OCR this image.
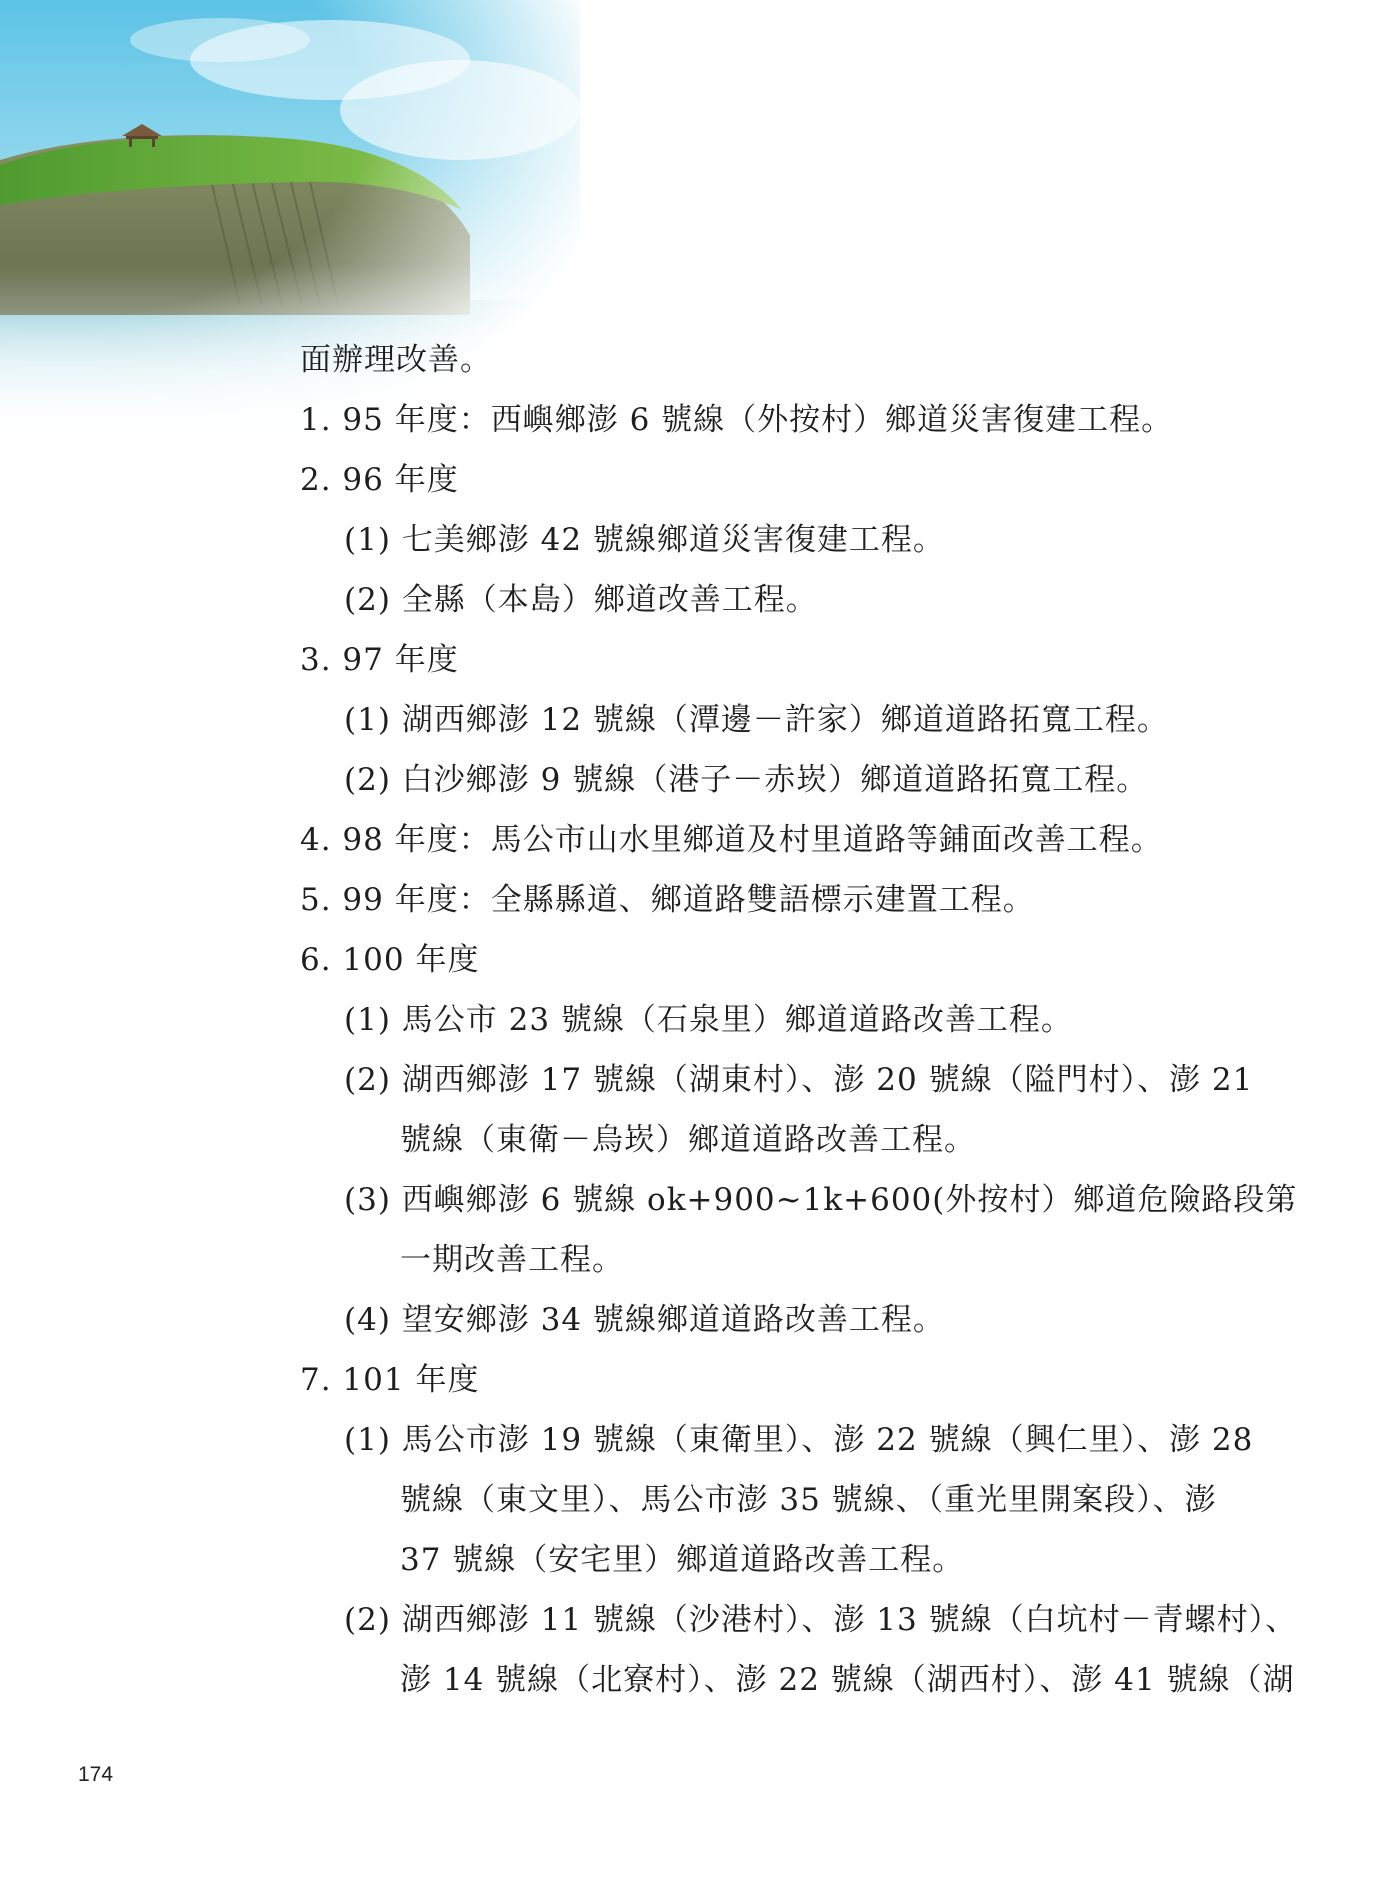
面辦理改善。
1. 95 年度：西嶼鄉澎 6 號線（外按村）鄉道災害復建工程。
2. 96 年度
(1) 七美鄉澎 42 號線鄉道災害復建工程。
(2) 全縣（本島）鄉道改善工程。
3. 97 年度
(1) 湖西鄉澎 12 號線（潭邊－許家）鄉道道路拓寬工程。
(2) 白沙鄉澎 9 號線（港子－赤崁）鄉道道路拓寬工程。
4. 98 年度：馬公市山水里鄉道及村里道路等鋪面改善工程。
5. 99 年度：全縣縣道、鄉道路雙語標示建置工程。
6. 100 年度
(1) 馬公市 23 號線（石泉里）鄉道道路改善工程。
(2) 湖西鄉澎 17 號線（湖東村）、澎 20 號線（隘門村）、澎 21
號線（東衛－烏崁）鄉道道路改善工程。
(3) 西嶼鄉澎 6 號線 ok+900~1k+600(外按村）鄉道危險路段第
一期改善工程。
(4) 望安鄉澎 34 號線鄉道道路改善工程。
7. 101 年度
(1) 馬公市澎 19 號線（東衛里）、澎 22 號線（興仁里）、澎 28
號線（東文里）、馬公市澎 35 號線、（重光里開案段）、澎
37 號線（安宅里）鄉道道路改善工程。
(2) 湖西鄉澎 11 號線（沙港村）、澎 13 號線（白坑村－青螺村）、
澎 14 號線（北寮村）、澎 22 號線（湖西村）、澎 41 號線（湖
174
